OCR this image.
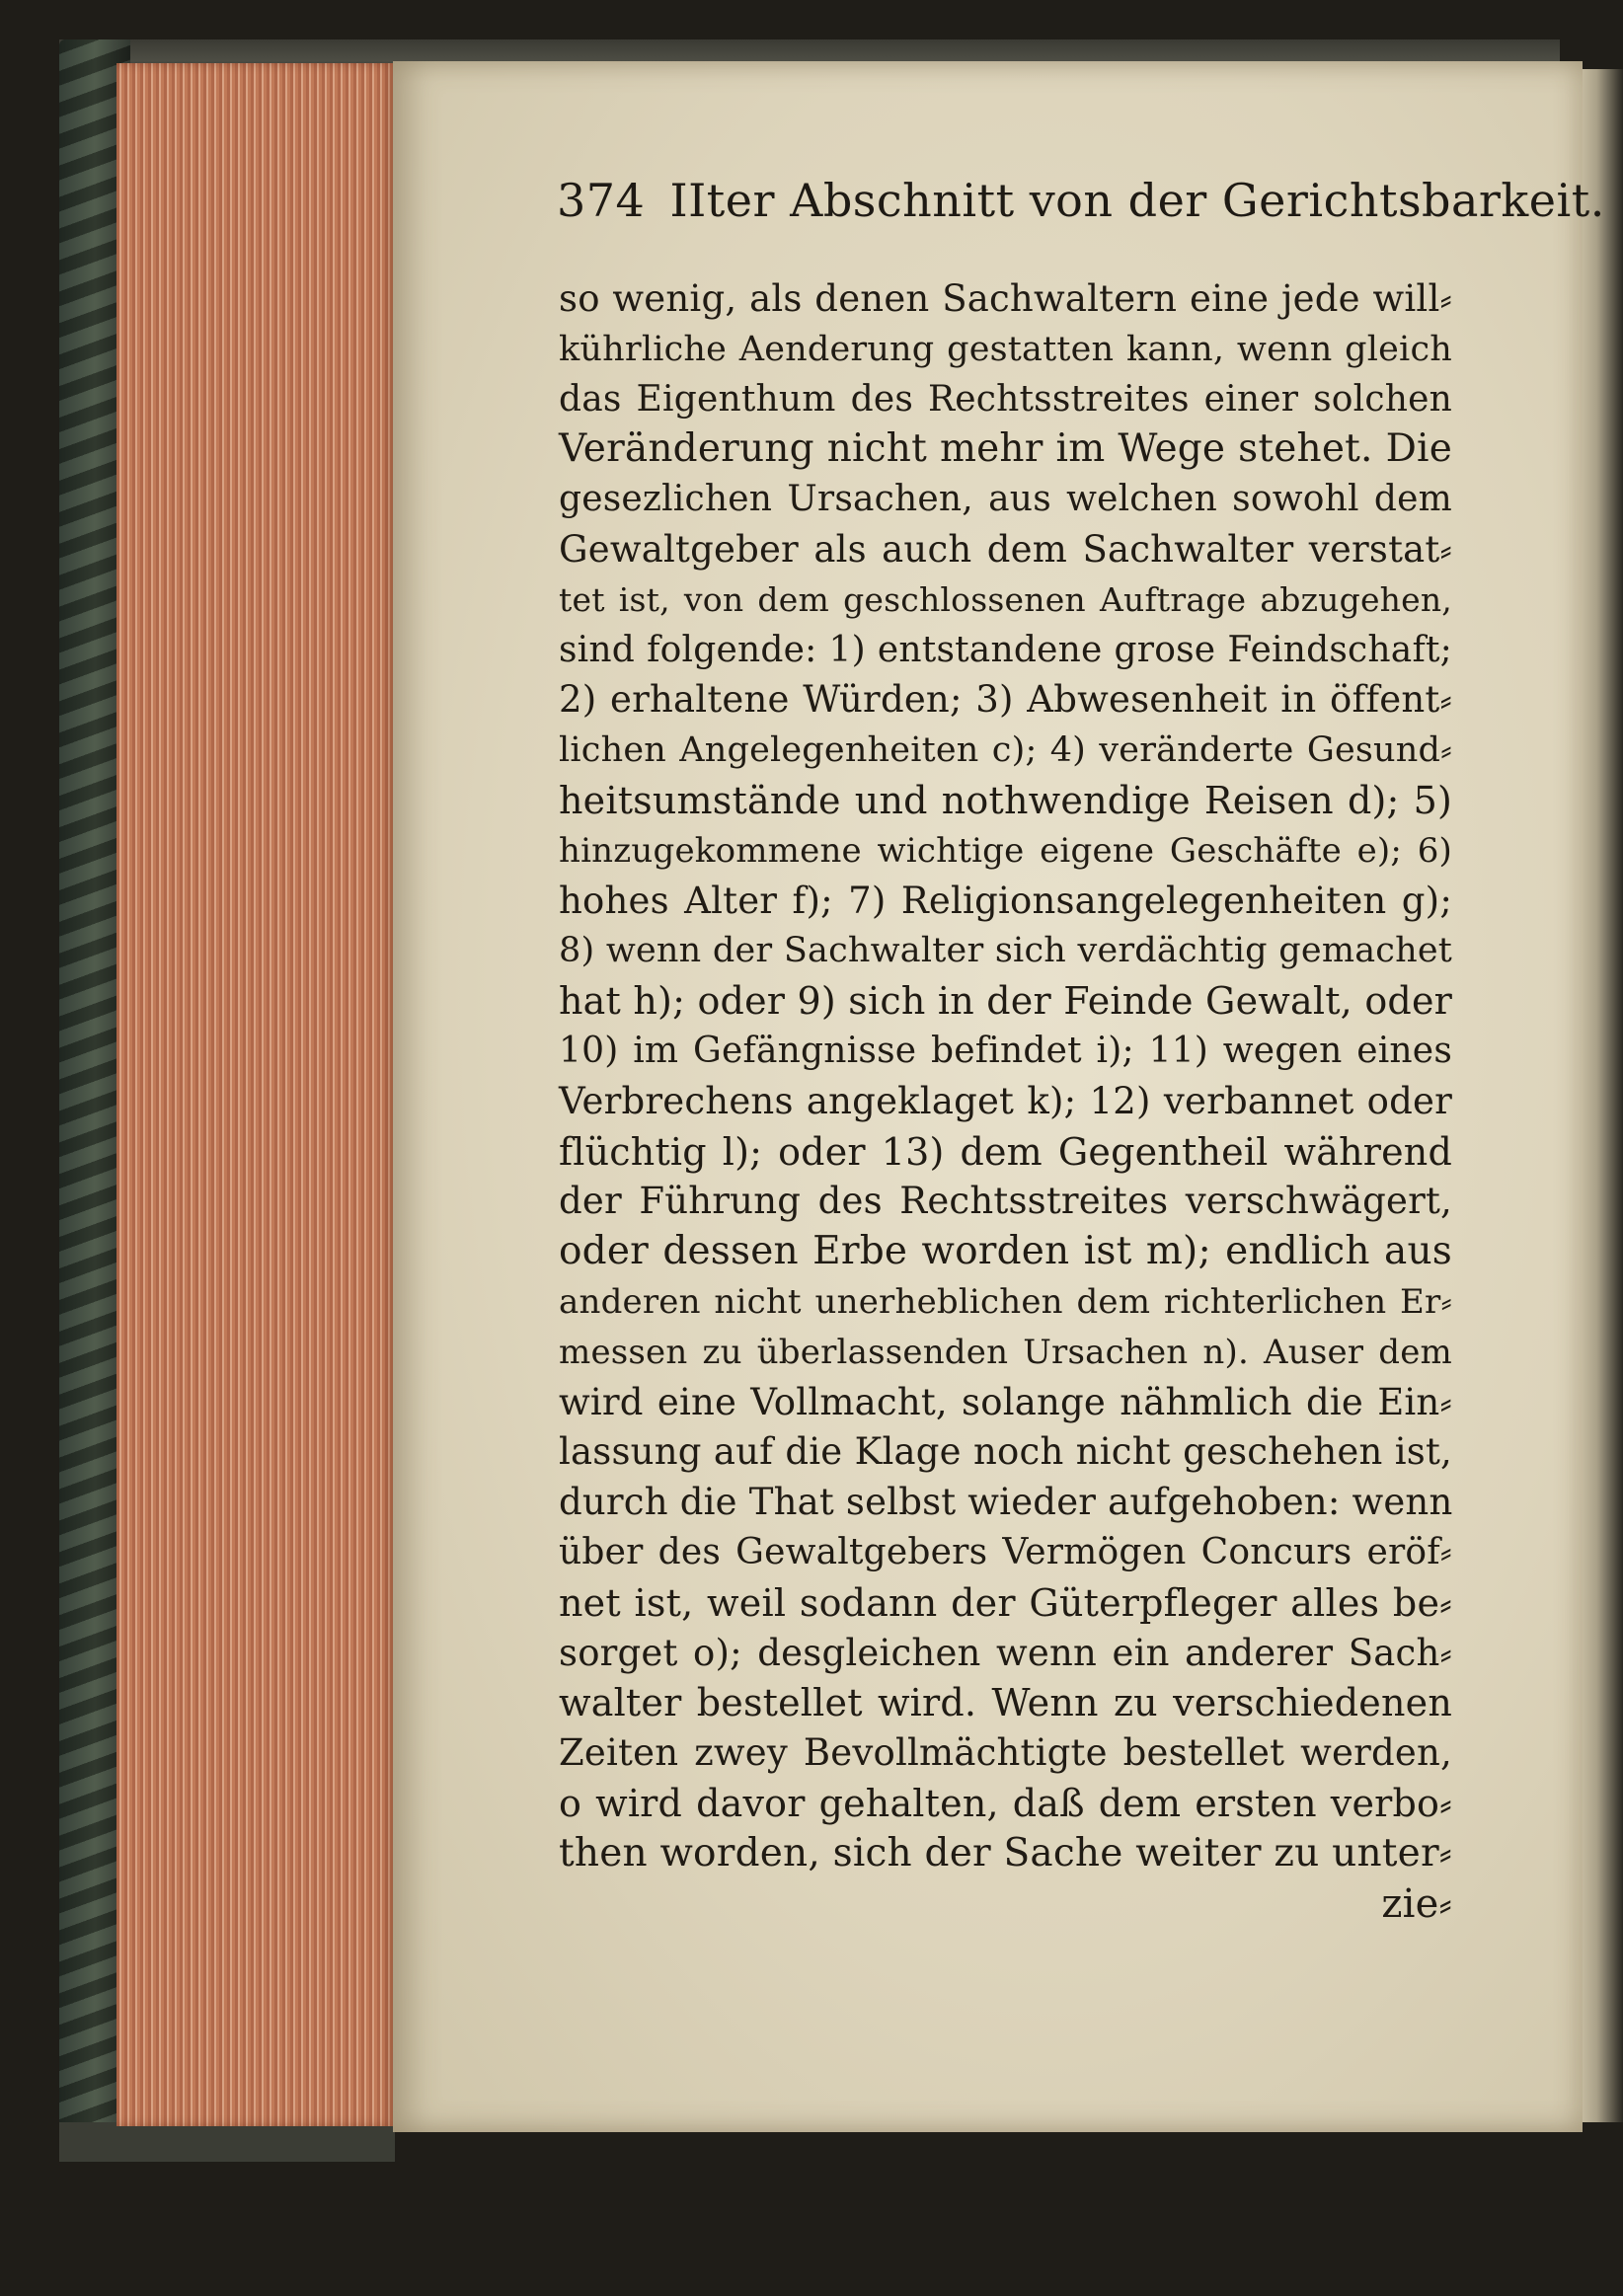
374 IIter Abschnitt von der Gerichtsbarkeit.
so wenig, als denen Sachwaltern eine jede will⸗
kührliche Aenderung gestatten kann, wenn gleich
das Eigenthum des Rechtsstreites einer solchen
Veränderung nicht mehr im Wege stehet. Die
gesezlichen Ursachen, aus welchen sowohl dem
Gewaltgeber als auch dem Sachwalter verstat⸗
tet ist, von dem geschlossenen Auftrage abzugehen,
sind folgende: 1) entstandene grose Feindschaft;
2) erhaltene Würden; 3) Abwesenheit in öffent⸗
lichen Angelegenheiten c); 4) veränderte Gesund⸗
heitsumstände und nothwendige Reisen d); 5)
hinzugekommene wichtige eigene Geschäfte e); 6)
hohes Alter f); 7) Religionsangelegenheiten g);
8) wenn der Sachwalter sich verdächtig gemachet
hat h); oder 9) sich in der Feinde Gewalt, oder
10) im Gefängnisse befindet i); 11) wegen eines
Verbrechens angeklaget k); 12) verbannet oder
flüchtig l); oder 13) dem Gegentheil während
der Führung des Rechtsstreites verschwägert,
oder dessen Erbe worden ist m); endlich aus
anderen nicht unerheblichen dem richterlichen Er⸗
messen zu überlassenden Ursachen n). Auser dem
wird eine Vollmacht, solange nähmlich die Ein⸗
lassung auf die Klage noch nicht geschehen ist,
durch die That selbst wieder aufgehoben: wenn
über des Gewaltgebers Vermögen Concurs eröf⸗
net ist, weil sodann der Güterpfleger alles be⸗
sorget o); desgleichen wenn ein anderer Sach⸗
walter bestellet wird. Wenn zu verschiedenen
Zeiten zwey Bevollmächtigte bestellet werden,
o wird davor gehalten, daß dem ersten verbo⸗
then worden, sich der Sache weiter zu unter⸗
zie⸗
